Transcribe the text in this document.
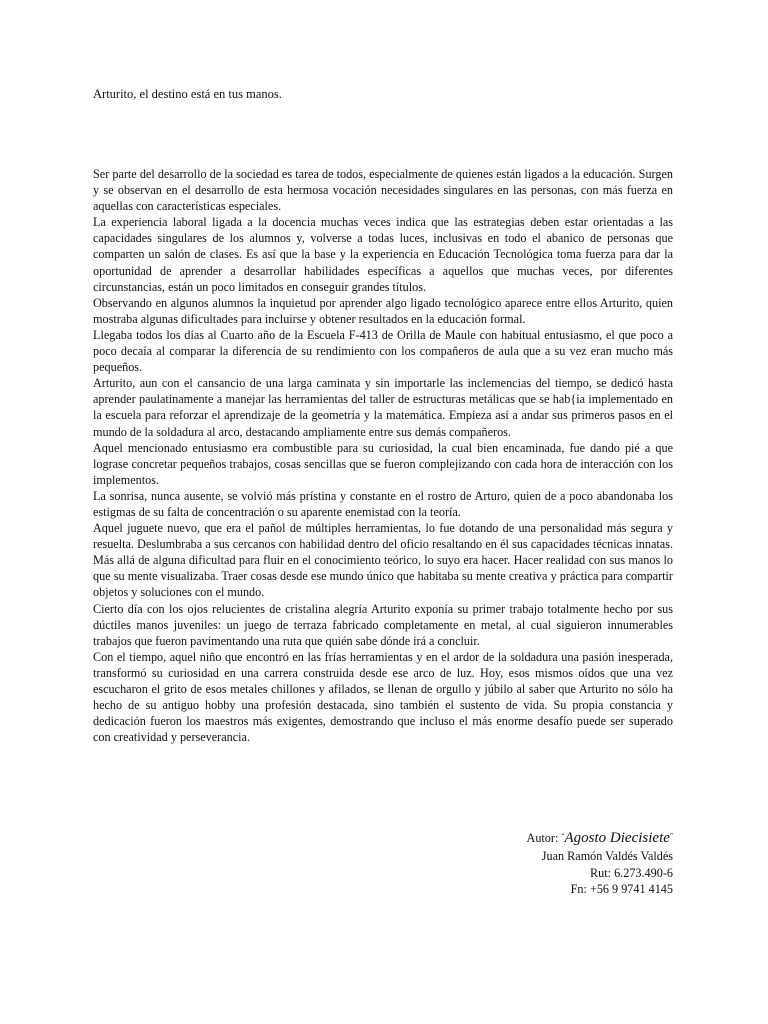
Arturito, el destino está en tus manos.

Ser parte del desarrollo de la sociedad es tarea de todos, especialmente de quienes están ligados a la educación. Surgen y se observan en el desarrollo de esta hermosa vocación necesidades singulares en las personas, con más fuerza en aquellas con características especiales.

La experiencia laboral ligada a la docencia muchas veces indica que las estrategias deben estar orientadas a las capacidades singulares de los alumnos y, volverse a todas luces, inclusivas en todo el abanico de personas que comparten un salón de clases. Es así que la base y la experiencia en Educación Tecnológica toma fuerza para dar la oportunidad de aprender a desarrollar habilidades específicas a aquellos que muchas veces, por diferentes circunstancias, están un poco limitados en conseguir grandes títulos.

Observando en algunos alumnos la inquietud por aprender algo ligado tecnológico aparece entre ellos Arturito, quien mostraba algunas dificultades para incluirse y obtener resultados en la educación formal.

Llegaba todos los días al Cuarto año de la Escuela F-413 de Orilla de Maule con habitual entusiasmo, el que poco a poco decaía al comparar la diferencia de su rendimiento con los compañeros de aula que a su vez eran mucho más pequeños.

Arturito, aun con el cansancio de una larga caminata y sin importarle las inclemencias del tiempo, se dedicó hasta aprender paulatinamente a manejar las herramientas del taller de estructuras metálicas que se hab{ia implementado en la escuela para reforzar el aprendizaje de la geometría y la matemática. Empieza así a andar sus primeros pasos en el mundo de la soldadura al arco, destacando ampliamente entre sus demás compañeros.

Aquel mencionado entusiasmo era combustible para su curiosidad, la cual bien encaminada, fue dando pié a que lograse concretar pequeños trabajos, cosas sencillas que se fueron complejizando con cada hora de interacción con los implementos.

La sonrisa, nunca ausente, se volvió más prístina y constante en el rostro de Arturo, quien de a poco abandonaba los estigmas de su falta de concentración o su aparente enemistad con la teoría.

Aquel juguete nuevo, que era el pañol de múltiples herramientas, lo fue dotando de una personalidad más segura y resuelta. Deslumbraba a sus cercanos con habilidad dentro del oficio resaltando en él sus capacidades técnicas innatas. Más allá de alguna dificultad para fluir en el conocimiento teórico, lo suyo era hacer. Hacer realidad con sus manos lo que su mente visualizaba. Traer cosas desde ese mundo único que habitaba su mente creativa y práctica para compartir objetos y soluciones con el mundo.

Cierto día con los ojos relucientes de cristalina alegría Arturito exponía su primer trabajo totalmente hecho por sus dúctiles manos juveniles: un juego de terraza fabricado completamente en metal, al cual siguieron innumerables trabajos que fueron pavimentando una ruta que quién sabe dónde irá a concluir.

Con el tiempo, aquel niño que encontró en las frías herramientas y en el ardor de la soldadura una pasión inesperada, transformó su curiosidad en una carrera construida desde ese arco de luz. Hoy, esos mismos oídos que una vez escucharon el grito de esos metales chillones y afilados, se llenan de orgullo y júbilo al saber que Arturito no sólo ha hecho de su antiguo hobby una profesión destacada, sino también el sustento de vida. Su propia constancia y dedicación fueron los maestros más exigentes, demostrando que incluso el más enorme desafío puede ser superado con creatividad y perseverancia.

Autor: “Agosto Diecisiete”
Juan Ramón Valdés Valdés
Rut: 6.273.490-6
Fn: +56 9 9741 4145
